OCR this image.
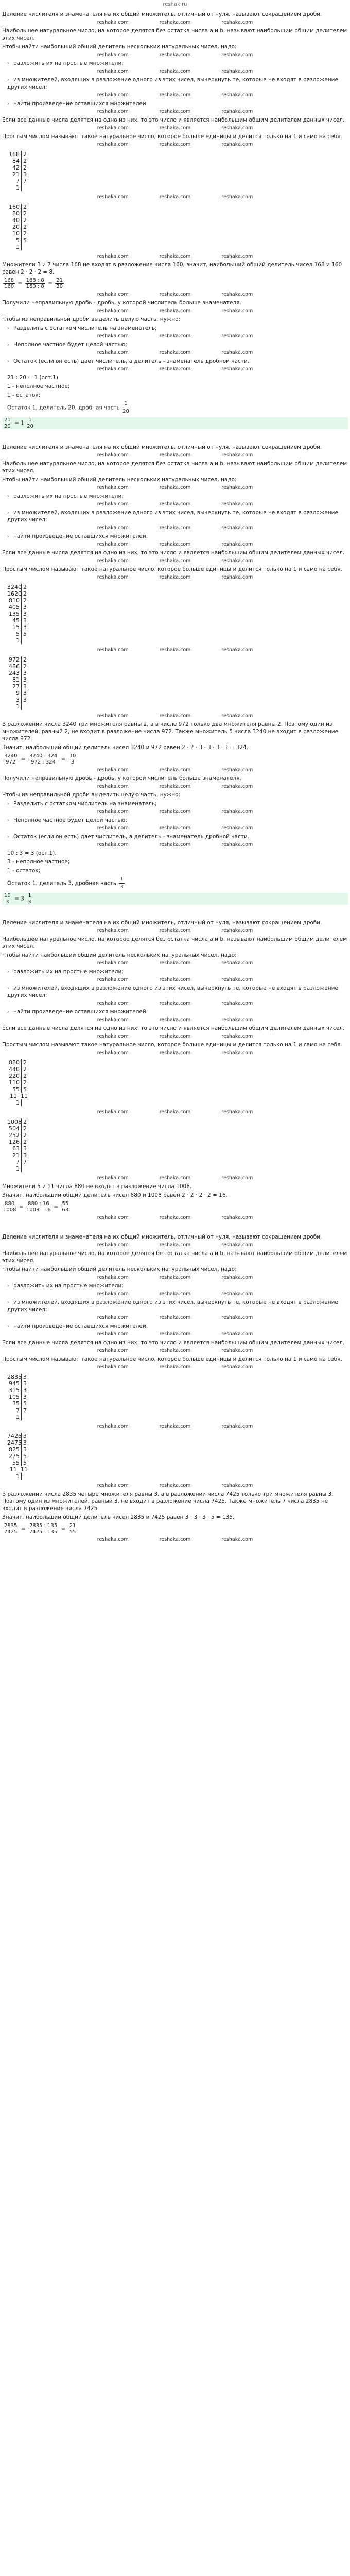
reshak.ru
Деление числителя и знаменателя на их общий множитель, отличный от нуля, называют сокращением дроби.
reshaka.com	reshaka.com	reshaka.com
Наибольшее натуральное число, на которое делятся без остатка числа a и b, называют наибольшим общим делителем этих чисел.
Чтобы найти наибольший общий делитель нескольких натуральных чисел, надо:
reshaka.com	reshaka.com	reshaka.com
› разложить их на простые множители;
reshaka.com	reshaka.com	reshaka.com
› из множителей, входящих в разложение одного из этих чисел, вычеркнуть те, которые не входят в разложение других чисел;
reshaka.com	reshaka.com	reshaka.com
› найти произведение оставшихся множителей.
reshaka.com	reshaka.com	reshaka.com
Если все данные числа делятся на одно из них, то это число и является наибольшим общим делителем данных чисел.
reshaka.com	reshaka.com	reshaka.com
Простым числом называют такое натуральное число, которое больше единицы и делится только на 1 и само на себя.
reshaka.com	reshaka.com	reshaka.com
168 2
84 2
42 2
21 3
7 7
1
reshaka.com	reshaka.com	reshaka.com
160 2
80 2
40 2
20 2
10 2
5 5
1
reshaka.com	reshaka.com	reshaka.com
Множители 3 и 7 числа 168 не входят в разложение числа 160, значит, наибольший общий делитель чисел 168 и 160 равен 2 · 2 · 2 = 8.
$\frac{168}{160} = \frac{168 : 8}{160 : 8} = \frac{21}{20}$
reshaka.com	reshaka.com	reshaka.com
Получили неправильную дробь - дробь, у которой числитель больше знаменателя.
reshaka.com	reshaka.com	reshaka.com
Чтобы из неправильной дроби выделить целую часть, нужно:
› Разделить с остатком числитель на знаменатель;
reshaka.com	reshaka.com	reshaka.com
› Неполное частное будет целой частью;
reshaka.com	reshaka.com	reshaka.com
› Остаток (если он есть) дает числитель, а делитель - знаменатель дробной части.
reshaka.com	reshaka.com	reshaka.com
21 : 20 = 1 (ост.1)
1 - неполное частное;
1 - остаток;
Остаток 1, делитель 20, дробная часть $\frac{1}{20}$
$\frac{21}{20} = 1 \frac{1}{20}$
Деление числителя и знаменателя на их общий множитель, отличный от нуля, называют сокращением дроби.
reshaka.com	reshaka.com	reshaka.com
Наибольшее натуральное число, на которое делятся без остатка числа a и b, называют наибольшим общим делителем этих чисел.
Чтобы найти наибольший общий делитель нескольких натуральных чисел, надо:
reshaka.com	reshaka.com	reshaka.com
› разложить их на простые множители;
reshaka.com	reshaka.com	reshaka.com
› из множителей, входящих в разложение одного из этих чисел, вычеркнуть те, которые не входят в разложение других чисел;
reshaka.com	reshaka.com	reshaka.com
› найти произведение оставшихся множителей.
reshaka.com	reshaka.com	reshaka.com
Если все данные числа делятся на одно из них, то это число и является наибольшим общим делителем данных чисел.
reshaka.com	reshaka.com	reshaka.com
Простым числом называют такое натуральное число, которое больше единицы и делится только на 1 и само на себя.
reshaka.com	reshaka.com	reshaka.com
3240 2
1620 2
810 2
405 3
135 3
45 3
15 3
5 5
1
reshaka.com	reshaka.com	reshaka.com
972 2
486 2
243 3
81 3
27 3
9 3
3 3
1
reshaka.com	reshaka.com	reshaka.com
В разложении числа 3240 три множителя равны 2, а в числе 972 только два множителя равны 2. Поэтому один из множителей, равный 2, не входит в разложение числа 972. Также множитель 5 числа 3240 не входит в разложение числа 972.
Значит, наибольший общий делитель чисел 3240 и 972 равен 2 · 2 · 3 · 3 · 3 · 3 = 324.
$\frac{3240}{972} = \frac{3240 : 324}{972 : 324} = \frac{10}{3}$
reshaka.com	reshaka.com	reshaka.com
Получили неправильную дробь - дробь, у которой числитель больше знаменателя.
reshaka.com	reshaka.com	reshaka.com
Чтобы из неправильной дроби выделить целую часть, нужно:
› Разделить с остатком числитель на знаменатель;
reshaka.com	reshaka.com	reshaka.com
› Неполное частное будет целой частью;
reshaka.com	reshaka.com	reshaka.com
› Остаток (если он есть) дает числитель, а делитель - знаменатель дробной части.
reshaka.com	reshaka.com	reshaka.com
10 : 3 = 3 (ост.1).
3 - неполное частное;
1 - остаток;
Остаток 1, делитель 3, дробная часть $\frac{1}{3}$
$\frac{10}{3} = 3 \frac{1}{3}$
Деление числителя и знаменателя на их общий множитель, отличный от нуля, называют сокращением дроби.
reshaka.com	reshaka.com	reshaka.com
Наибольшее натуральное число, на которое делятся без остатка числа a и b, называют наибольшим общим делителем этих чисел.
Чтобы найти наибольший общий делитель нескольких натуральных чисел, надо:
reshaka.com	reshaka.com	reshaka.com
› разложить их на простые множители;
reshaka.com	reshaka.com	reshaka.com
› из множителей, входящих в разложение одного из этих чисел, вычеркнуть те, которые не входят в разложение других чисел;
reshaka.com	reshaka.com	reshaka.com
› найти произведение оставшихся множителей.
reshaka.com	reshaka.com	reshaka.com
Если все данные числа делятся на одно из них, то это число и является наибольшим общим делителем данных чисел.
reshaka.com	reshaka.com	reshaka.com
Простым числом называют такое натуральное число, которое больше единицы и делится только на 1 и само на себя.
reshaka.com	reshaka.com	reshaka.com
880 2
440 2
220 2
110 2
55 5
11 11
1
reshaka.com	reshaka.com	reshaka.com
1008 2
504 2
252 2
126 2
63 3
21 3
7 7
1
reshaka.com	reshaka.com	reshaka.com
Множители 5 и 11 числа 880 не входят в разложение числа 1008.
Значит, наибольший общий делитель чисел 880 и 1008 равен 2 · 2 · 2 · 2 = 16.
$\frac{880}{1008} = \frac{880 : 16}{1008 : 16} = \frac{55}{63}$
reshaka.com	reshaka.com	reshaka.com
Деление числителя и знаменателя на их общий множитель, отличный от нуля, называют сокращением дроби.
reshaka.com	reshaka.com	reshaka.com
Наибольшее натуральное число, на которое делятся без остатка числа a и b, называют наибольшим общим делителем этих чисел.
Чтобы найти наибольший общий делитель нескольких натуральных чисел, надо:
reshaka.com	reshaka.com	reshaka.com
› разложить их на простые множители;
reshaka.com	reshaka.com	reshaka.com
› из множителей, входящих в разложение одного из этих чисел, вычеркнуть те, которые не входят в разложение других чисел;
reshaka.com	reshaka.com	reshaka.com
› найти произведение оставшихся множителей.
reshaka.com	reshaka.com	reshaka.com
Если все данные числа делятся на одно из них, то это число и является наибольшим общим делителем данных чисел.
reshaka.com	reshaka.com	reshaka.com
Простым числом называют такое натуральное число, которое больше единицы и делится только на 1 и само на себя.
reshaka.com	reshaka.com	reshaka.com
2835 3
945 3
315 3
105 3
35 5
7 7
1
reshaka.com	reshaka.com	reshaka.com
7425 3
2475 3
825 3
275 5
55 5
11 11
1
reshaka.com	reshaka.com	reshaka.com
В разложении числа 2835 четыре множителя равны 3, а в разложении числа 7425 только три множителя равны 3. Поэтому один из множителей, равный 3, не входит в разложение числа 7425. Также множитель 7 числа 2835 не входит в разложение числа 7425.
Значит, наибольший общий делитель чисел 2835 и 7425 равен 3 · 3 · 3 · 5 = 135.
$\frac{2835}{7425} = \frac{2835 : 135}{7425 : 135} = \frac{21}{55}$
reshaka.com	reshaka.com	reshaka.com
